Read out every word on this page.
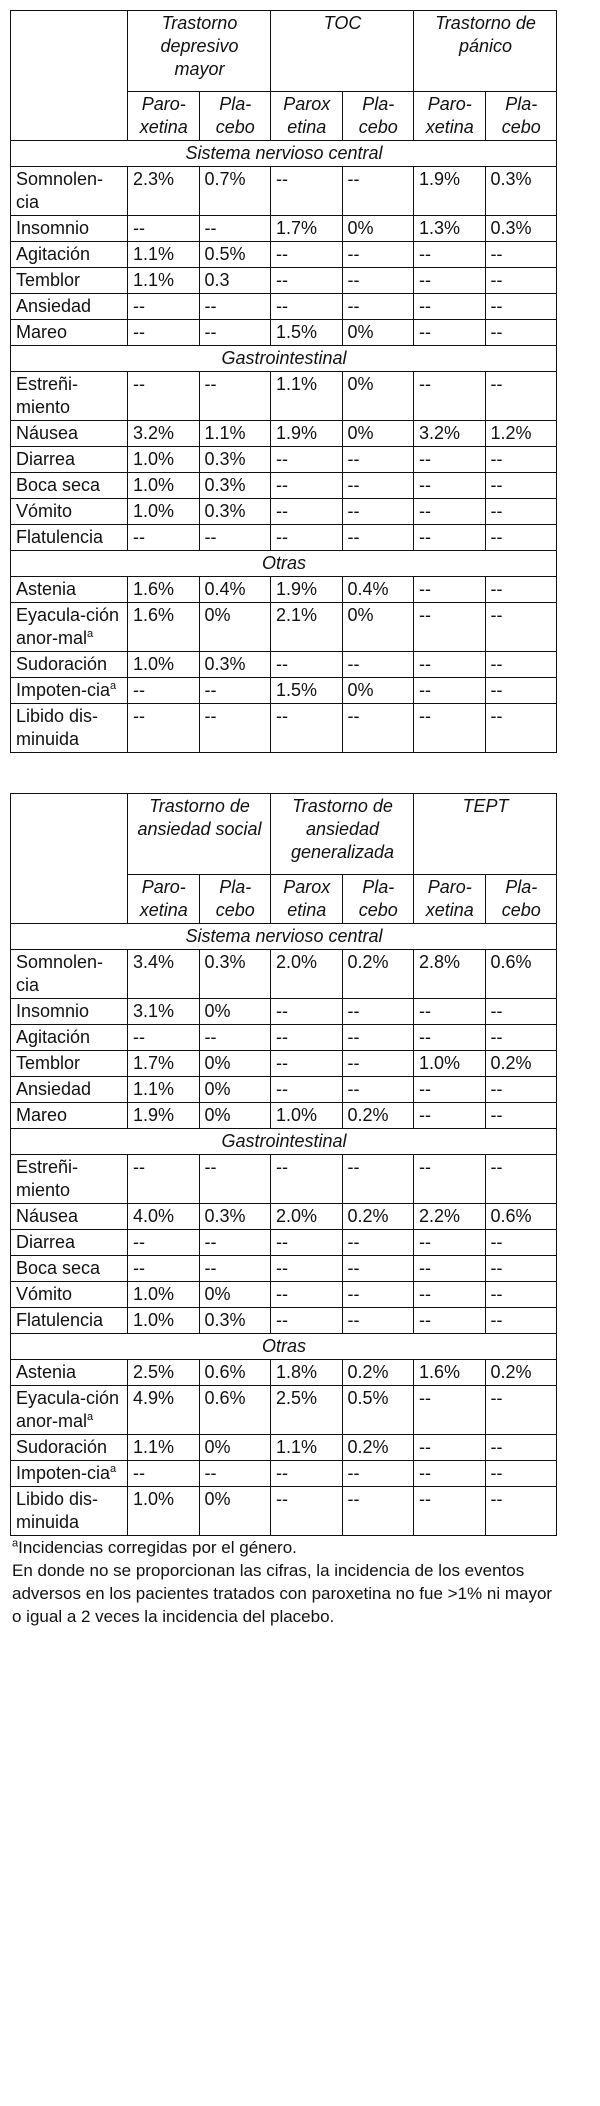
	Trastorno depresivo mayor		TOC		Trastorno de pánico	
	Paro-xetina	Pla-cebo	Parox etina	Pla-cebo	Paro-xetina	Pla-cebo
Sistema nervioso central						
Somnolen-cia	2.3%	0.7%	--	--	1.9%	0.3%
Insomnio	--	--	1.7%	0%	1.3%	0.3%
Agitación	1.1%	0.5%	--	--	--	--
Temblor	1.1%	0.3	--	--	--	--
Ansiedad	--	--	--	--	--	--
Mareo	--	--	1.5%	0%	--	--
Gastrointestinal						
Estreñi-miento	--	--	1.1%	0%	--	--
Náusea	3.2%	1.1%	1.9%	0%	3.2%	1.2%
Diarrea	1.0%	0.3%	--	--	--	--
Boca seca	1.0%	0.3%	--	--	--	--
Vómito	1.0%	0.3%	--	--	--	--
Flatulencia	--	--	--	--	--	--
Otras						
Astenia	1.6%	0.4%	1.9%	0.4%	--	--
Eyacula-ción anor-mal$^a$	1.6%	0%	2.1%	0%	--	--
Sudoración	1.0%	0.3%	--	--	--	--
Impoten-cia$^a$	--	--	1.5%	0%	--	--
Libido dis-minuida	--	--	--	--	--	--
	Trastorno de ansiedad social		Trastorno de ansiedad generalizada		TEPT	
	Paro-xetina	Pla-cebo	Parox etina	Pla-cebo	Paro-xetina	Pla-cebo
Sistema nervioso central						
Somnolen-cia	3.4%	0.3%	2.0%	0.2%	2.8%	0.6%
Insomnio	3.1%	0%	--	--	--	--
Agitación	--	--	--	--	--	--
Temblor	1.7%	0%	--	--	1.0%	0.2%
Ansiedad	1.1%	0%	--	--	--	--
Mareo	1.9%	0%	1.0%	0.2%	--	--
Gastrointestinal						
Estreñi-miento	--	--	--	--	--	--
Náusea	4.0%	0.3%	2.0%	0.2%	2.2%	0.6%
Diarrea	--	--	--	--	--	--
Boca seca	--	--	--	--	--	--
Vómito	1.0%	0%	--	--	--	--
Flatulencia	1.0%	0.3%	--	--	--	--
Otras						
Astenia	2.5%	0.6%	1.8%	0.2%	1.6%	0.2%
Eyacula-ción anor-mal$^a$	4.9%	0.6%	2.5%	0.5%	--	--
Sudoración	1.1%	0%	1.1%	0.2%	--	--
Impoten-cia$^a$	--	--	--	--	--	--
Libido dis-minuida	1.0%	0%	--	--	--	--

$^a$Incidencias corregidas por el género.

En donde no se proporcionan las cifras, la incidencia de los eventos adversos en los pacientes tratados con paroxetina no fue >1% ni mayor o igual a 2 veces la incidencia del placebo.
